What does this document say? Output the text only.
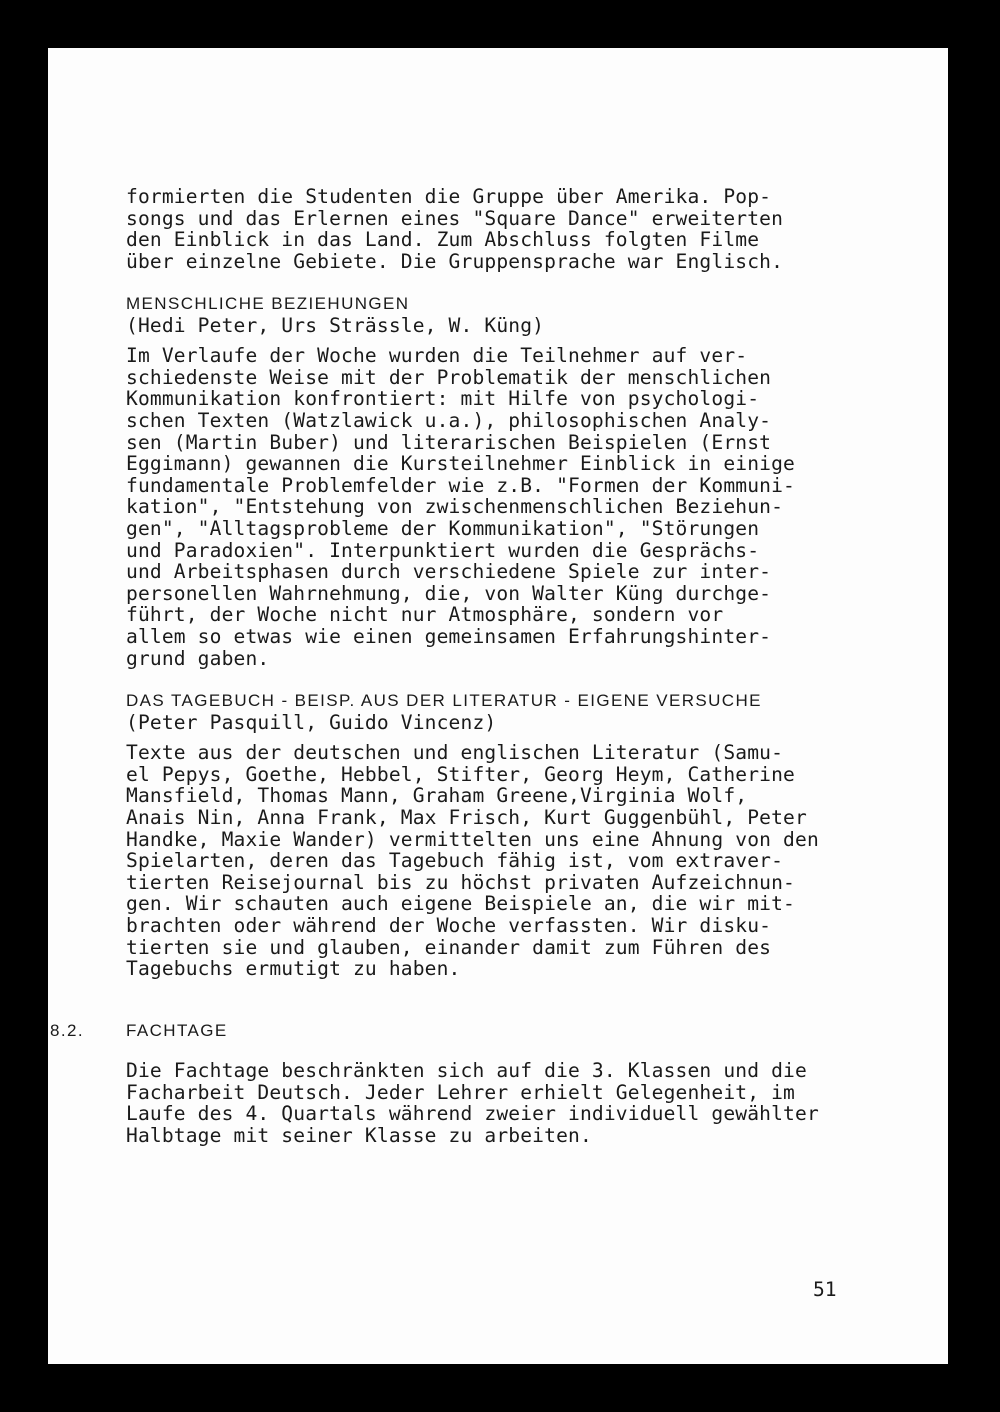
formierten die Studenten die Gruppe über Amerika. Pop-
songs und das Erlernen eines "Square Dance" erweiterten
den Einblick in das Land. Zum Abschluss folgten Filme
über einzelne Gebiete. Die Gruppensprache war Englisch.
MENSCHLICHE BEZIEHUNGEN
(Hedi Peter, Urs Strässle, W. Küng)
Im Verlaufe der Woche wurden die Teilnehmer auf ver-
schiedenste Weise mit der Problematik der menschlichen
Kommunikation konfrontiert: mit Hilfe von psychologi-
schen Texten (Watzlawick u.a.), philosophischen Analy-
sen (Martin Buber) und literarischen Beispielen (Ernst
Eggimann) gewannen die Kursteilnehmer Einblick in einige
fundamentale Problemfelder wie z.B. "Formen der Kommuni-
kation", "Entstehung von zwischenmenschlichen Beziehun-
gen", "Alltagsprobleme der Kommunikation", "Störungen
und Paradoxien". Interpunktiert wurden die Gesprächs-
und Arbeitsphasen durch verschiedene Spiele zur inter-
personellen Wahrnehmung, die, von Walter Küng durchge-
führt, der Woche nicht nur Atmosphäre, sondern vor
allem so etwas wie einen gemeinsamen Erfahrungshinter-
grund gaben.
DAS TAGEBUCH - BEISP. AUS DER LITERATUR - EIGENE VERSUCHE
(Peter Pasquill, Guido Vincenz)
Texte aus der deutschen und englischen Literatur (Samu-
el Pepys, Goethe, Hebbel, Stifter, Georg Heym, Catherine
Mansfield, Thomas Mann, Graham Greene,Virginia Wolf,
Anais Nin, Anna Frank, Max Frisch, Kurt Guggenbühl, Peter
Handke, Maxie Wander) vermittelten uns eine Ahnung von den
Spielarten, deren das Tagebuch fähig ist, vom extraver-
tierten Reisejournal bis zu höchst privaten Aufzeichnun-
gen. Wir schauten auch eigene Beispiele an, die wir mit-
brachten oder während der Woche verfassten. Wir disku-
tierten sie und glauben, einander damit zum Führen des
Tagebuchs ermutigt zu haben.
8.2. FACHTAGE
Die Fachtage beschränkten sich auf die 3. Klassen und die
Facharbeit Deutsch. Jeder Lehrer erhielt Gelegenheit, im
Laufe des 4. Quartals während zweier individuell gewählter
Halbtage mit seiner Klasse zu arbeiten.
51
